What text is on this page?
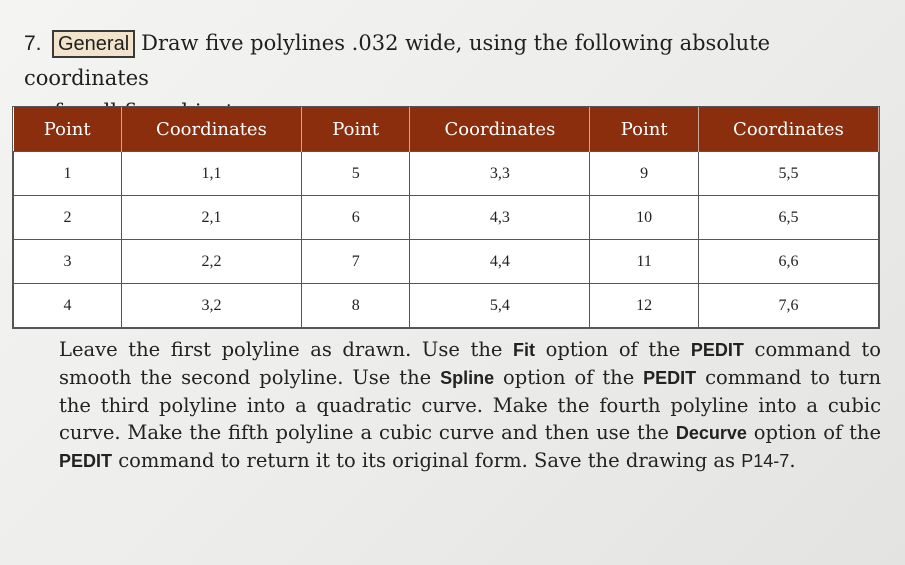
7. General Draw five polylines .032 wide, using the following absolute coordinates
Point	Coordinates	Point	Coordinates	Point	Coordinates
1	1,1	5	3,3	9	5,5
2	2,1	6	4,3	10	6,5
3	2,2	7	4,4	11	6,6
4	3,2	8	5,4	12	7,6
Leave the first polyline as drawn. Use the Fit option of the PEDIT command to smooth the second polyline. Use the Spline option of the PEDIT command to turn the third polyline into a quadratic curve. Make the fourth polyline into a cubic curve. Make the fifth polyline a cubic curve and then use the Decurve option of the PEDIT command to return it to its original form. Save the drawing as P14-7.
